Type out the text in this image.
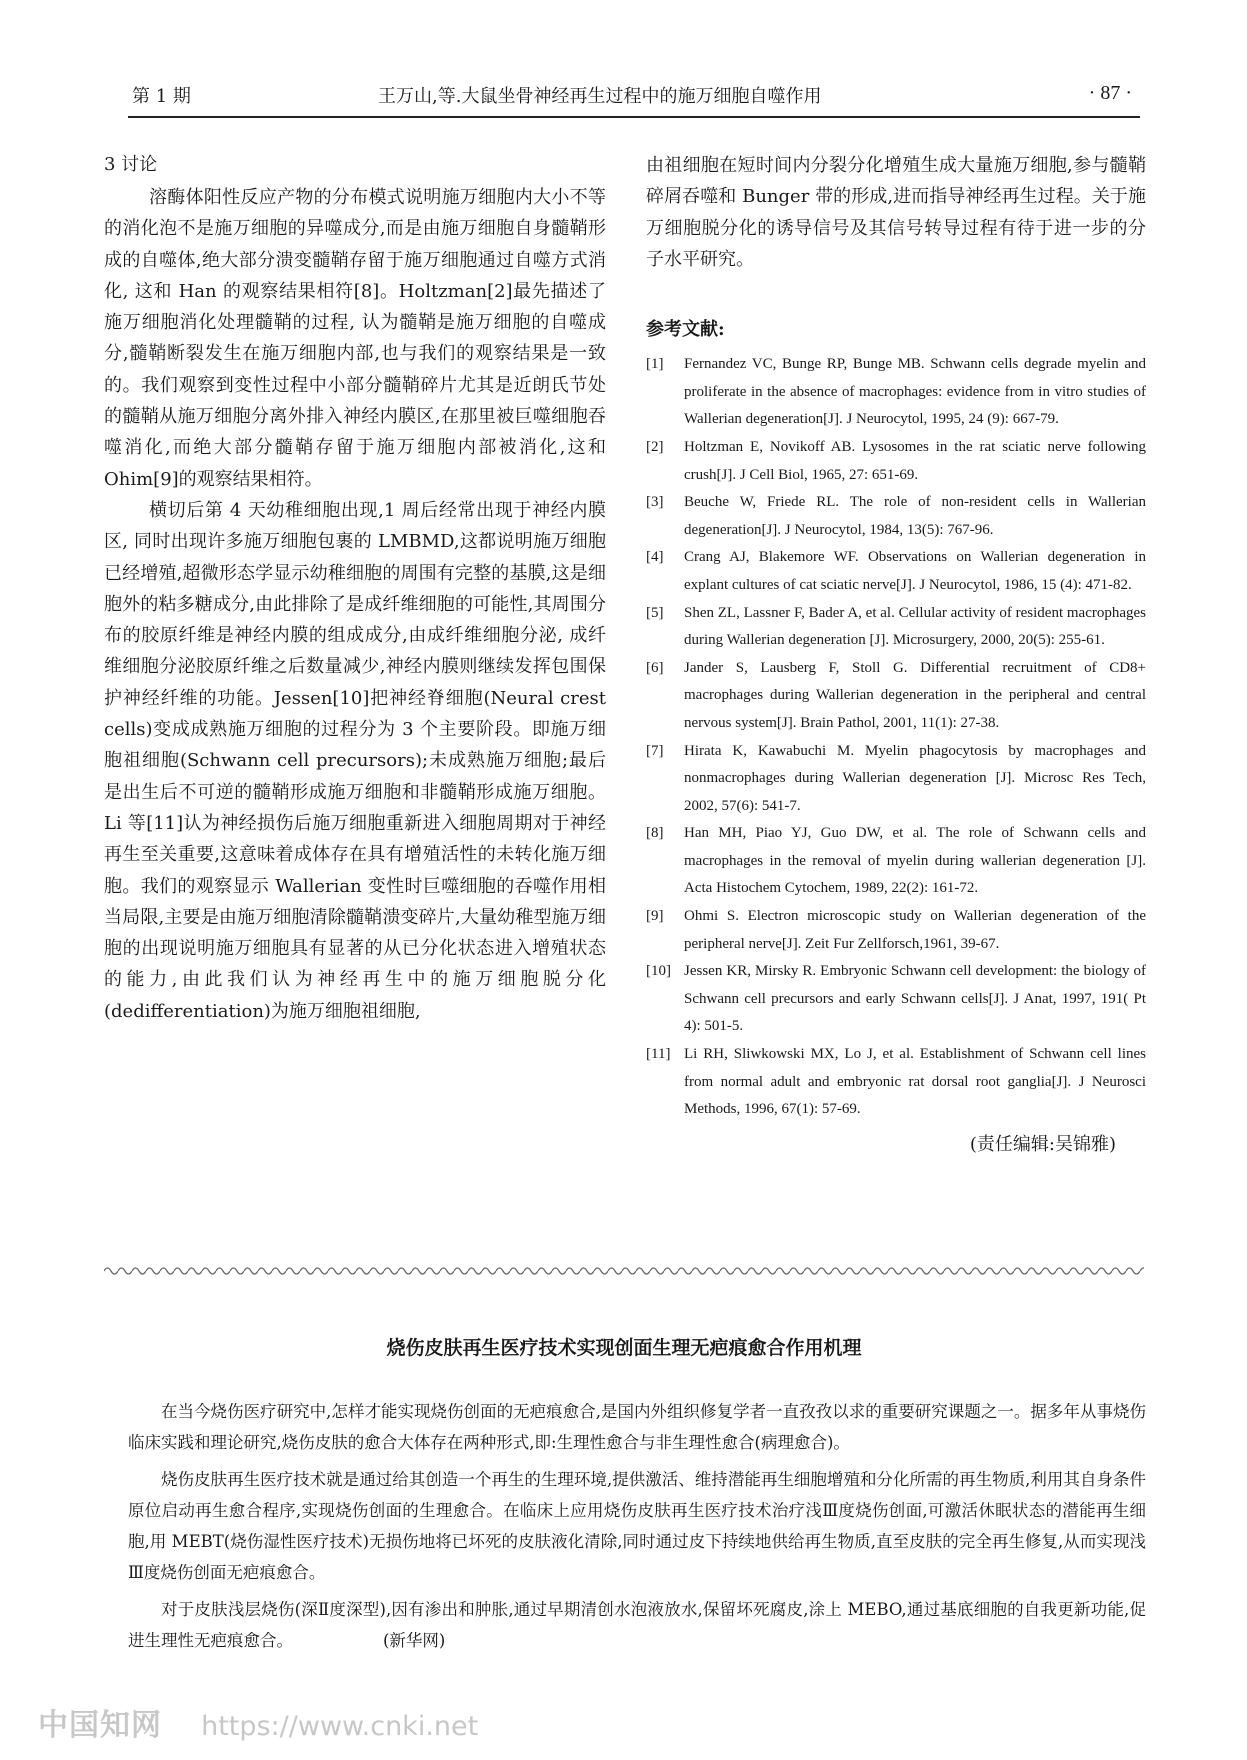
第 1 期	王万山,等.大鼠坐骨神经再生过程中的施万细胞自噬作用	· 87 ·
3 讨论

溶酶体阳性反应产物的分布模式说明施万细胞内大小不等的消化泡不是施万细胞的异噬成分,而是由施万细胞自身髓鞘形成的自噬体,绝大部分溃变髓鞘存留于施万细胞通过自噬方式消化, 这和 Han 的观察结果相符[8]。Holtzman[2]最先描述了施万细胞消化处理髓鞘的过程, 认为髓鞘是施万细胞的自噬成分,髓鞘断裂发生在施万细胞内部,也与我们的观察结果是一致的。我们观察到变性过程中小部分髓鞘碎片尤其是近朗氏节处的髓鞘从施万细胞分离外排入神经内膜区,在那里被巨噬细胞吞噬消化,而绝大部分髓鞘存留于施万细胞内部被消化,这和 Ohim[9]的观察结果相符。

横切后第 4 天幼稚细胞出现,1 周后经常出现于神经内膜区, 同时出现许多施万细胞包裹的 LMBMD,这都说明施万细胞已经增殖,超微形态学显示幼稚细胞的周围有完整的基膜,这是细胞外的粘多糖成分,由此排除了是成纤维细胞的可能性,其周围分布的胶原纤维是神经内膜的组成成分,由成纤维细胞分泌, 成纤维细胞分泌胶原纤维之后数量减少,神经内膜则继续发挥包围保护神经纤维的功能。Jessen[10]把神经脊细胞(Neural crest cells)变成成熟施万细胞的过程分为 3 个主要阶段。即施万细胞祖细胞(Schwann cell precursors);未成熟施万细胞;最后是出生后不可逆的髓鞘形成施万细胞和非髓鞘形成施万细胞。Li 等[11]认为神经损伤后施万细胞重新进入细胞周期对于神经再生至关重要,这意味着成体存在具有增殖活性的未转化施万细胞。我们的观察显示 Wallerian 变性时巨噬细胞的吞噬作用相当局限,主要是由施万细胞清除髓鞘溃变碎片,大量幼稚型施万细胞的出现说明施万细胞具有显著的从已分化状态进入增殖状态的能力,由此我们认为神经再生中的施万细胞脱分化(dedifferentiation)为施万细胞祖细胞,

由祖细胞在短时间内分裂分化增殖生成大量施万细胞,参与髓鞘碎屑吞噬和 Bunger 带的形成,进而指导神经再生过程。关于施万细胞脱分化的诱导信号及其信号转导过程有待于进一步的分子水平研究。

参考文献:

[1] Fernandez VC, Bunge RP, Bunge MB. Schwann cells degrade myelin and proliferate in the absence of macrophages: evidence from in vitro studies of Wallerian degeneration[J]. J Neurocytol, 1995, 24 (9): 667-79.

[2] Holtzman E, Novikoff AB. Lysosomes in the rat sciatic nerve following crush[J]. J Cell Biol, 1965, 27: 651-69.

[3] Beuche W, Friede RL. The role of non-resident cells in Wallerian degeneration[J]. J Neurocytol, 1984, 13(5): 767-96.

[4] Crang AJ, Blakemore WF. Observations on Wallerian degeneration in explant cultures of cat sciatic nerve[J]. J Neurocytol, 1986, 15 (4): 471-82.

[5] Shen ZL, Lassner F, Bader A, et al. Cellular activity of resident macrophages during Wallerian degeneration [J]. Microsurgery, 2000, 20(5): 255-61.

[6] Jander S, Lausberg F, Stoll G. Differential recruitment of CD8+ macrophages during Wallerian degeneration in the peripheral and central nervous system[J]. Brain Pathol, 2001, 11(1): 27-38.

[7] Hirata K, Kawabuchi M. Myelin phagocytosis by macrophages and nonmacrophages during Wallerian degeneration [J]. Microsc Res Tech, 2002, 57(6): 541-7.

[8] Han MH, Piao YJ, Guo DW, et al. The role of Schwann cells and macrophages in the removal of myelin during wallerian degeneration [J]. Acta Histochem Cytochem, 1989, 22(2): 161-72.

[9] Ohmi S. Electron microscopic study on Wallerian degeneration of the peripheral nerve[J]. Zeit Fur Zellforsch,1961, 39-67.

[10] Jessen KR, Mirsky R. Embryonic Schwann cell development: the biology of Schwann cell precursors and early Schwann cells[J]. J Anat, 1997, 191( Pt 4): 501-5.

[11] Li RH, Sliwkowski MX, Lo J, et al. Establishment of Schwann cell lines from normal adult and embryonic rat dorsal root ganglia[J]. J Neurosci Methods, 1996, 67(1): 57-69.

(责任编辑:吴锦雅)
烧伤皮肤再生医疗技术实现创面生理无疤痕愈合作用机理

在当今烧伤医疗研究中,怎样才能实现烧伤创面的无疤痕愈合,是国内外组织修复学者一直孜孜以求的重要研究课题之一。据多年从事烧伤临床实践和理论研究,烧伤皮肤的愈合大体存在两种形式,即:生理性愈合与非生理性愈合(病理愈合)。

烧伤皮肤再生医疗技术就是通过给其创造一个再生的生理环境,提供激活、维持潜能再生细胞增殖和分化所需的再生物质,利用其自身条件原位启动再生愈合程序,实现烧伤创面的生理愈合。在临床上应用烧伤皮肤再生医疗技术治疗浅Ⅲ度烧伤创面,可激活休眠状态的潜能再生细胞,用 MEBT(烧伤湿性医疗技术)无损伤地将已坏死的皮肤液化清除,同时通过皮下持续地供给再生物质,直至皮肤的完全再生修复,从而实现浅Ⅲ度烧伤创面无疤痕愈合。

对于皮肤浅层烧伤(深Ⅱ度深型),因有渗出和肿胀,通过早期清创水泡液放水,保留坏死腐皮,涂上 MEBO,通过基底细胞的自我更新功能,促进生理性无疤痕愈合。	(新华网)

中国知网 https://www.cnki.net
